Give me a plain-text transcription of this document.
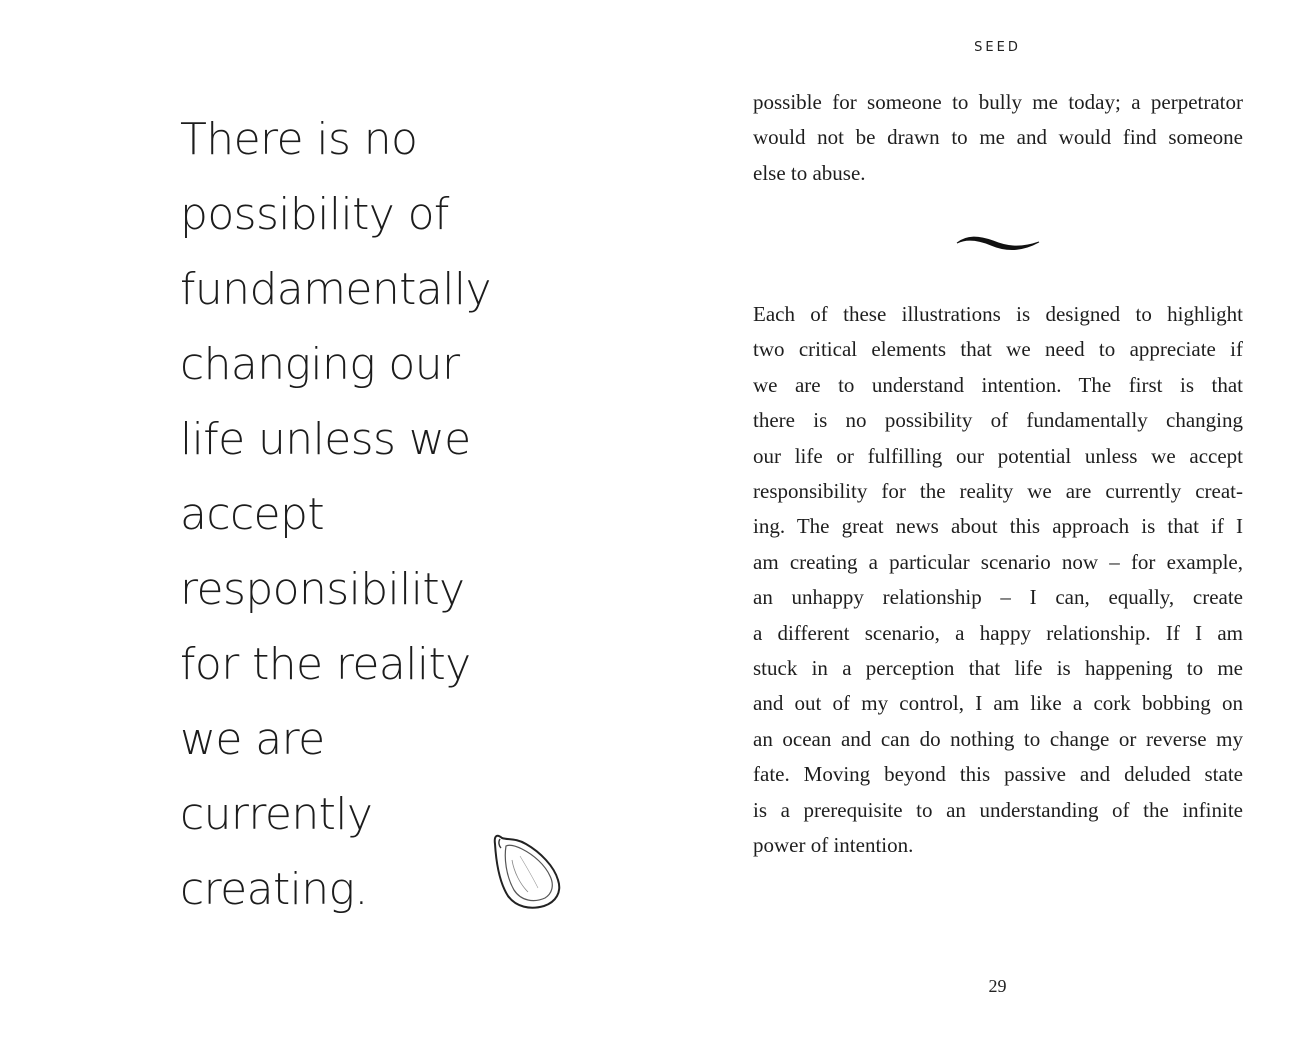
There is no
possibility of
fundamentally
changing our
life unless we
accept
responsibility
for the reality
we are
currently
creating.
SEED
possible for someone to bully me today; a perpetrator
would not be drawn to me and would find someone
else to abuse.
Each of these illustrations is designed to highlight
two critical elements that we need to appreciate if
we are to understand intention. The first is that
there is no possibility of fundamentally changing
our life or fulfilling our potential unless we accept
responsibility for the reality we are currently creat-
ing. The great news about this approach is that if I
am creating a particular scenario now – for example,
an unhappy relationship – I can, equally, create
a different scenario, a happy relationship. If I am
stuck in a perception that life is happening to me
and out of my control, I am like a cork bobbing on
an ocean and can do nothing to change or reverse my
fate. Moving beyond this passive and deluded state
is a prerequisite to an understanding of the infinite
power of intention.
29
